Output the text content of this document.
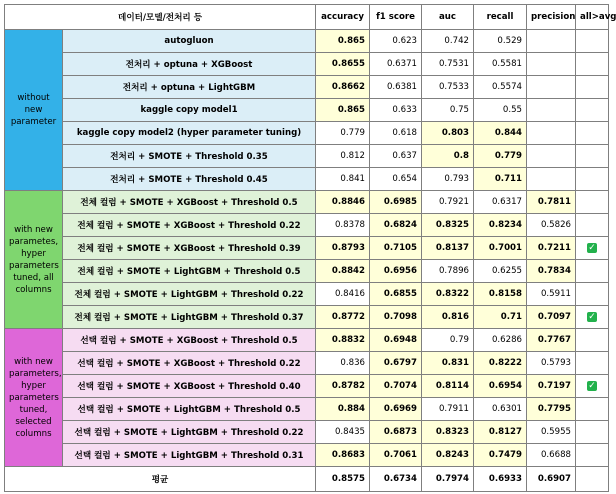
데이터/모델/전처리 등		accuracy	f1 score	auc	recall	precision	all>avg
without new parameter	autogluon	0.865	0.623	0.742	0.529		
	전처리 + optuna + XGBoost	0.8655	0.6371	0.7531	0.5581		
	전처리 + optuna + LightGBM	0.8662	0.6381	0.7533	0.5574		
	kaggle copy model1	0.865	0.633	0.75	0.55		
	kaggle copy model2 (hyper parameter tuning)	0.779	0.618	0.803	0.844		
	전처리 + SMOTE + Threshold 0.35	0.812	0.637	0.8	0.779		
	전처리 + SMOTE + Threshold 0.45	0.841	0.654	0.793	0.711		
with new parametes, hyper parameters tuned, all columns	전체 컬럼 + SMOTE + XGBoost + Threshold 0.5	0.8846	0.6985	0.7921	0.6317	0.7811	
	전체 컬럼 + SMOTE + XGBoost + Threshold 0.22	0.8378	0.6824	0.8325	0.8234	0.5826	
	전체 컬럼 + SMOTE + XGBoost + Threshold 0.39	0.8793	0.7105	0.8137	0.7001	0.7211	✓
	전체 컬럼 + SMOTE + LightGBM + Threshold 0.5	0.8842	0.6956	0.7896	0.6255	0.7834	
	전체 컬럼 + SMOTE + LightGBM + Threshold 0.22	0.8416	0.6855	0.8322	0.8158	0.5911	
	전체 컬럼 + SMOTE + LightGBM + Threshold 0.37	0.8772	0.7098	0.816	0.71	0.7097	✓
with new parameters, hyper parameters tuned, selected columns	선택 컬럼 + SMOTE + XGBoost + Threshold 0.5	0.8832	0.6948	0.79	0.6286	0.7767	
	선택 컬럼 + SMOTE + XGBoost + Threshold 0.22	0.836	0.6797	0.831	0.8222	0.5793	
	선택 컬럼 + SMOTE + XGBoost + Threshold 0.40	0.8782	0.7074	0.8114	0.6954	0.7197	✓
	선택 컬럼 + SMOTE + LightGBM + Threshold 0.5	0.884	0.6969	0.7911	0.6301	0.7795	
	선택 컬럼 + SMOTE + LightGBM + Threshold 0.22	0.8435	0.6873	0.8323	0.8127	0.5955	
	선택 컬럼 + SMOTE + LightGBM + Threshold 0.31	0.8683	0.7061	0.8243	0.7479	0.6688	
평균		0.8575	0.6734	0.7974	0.6933	0.6907	
